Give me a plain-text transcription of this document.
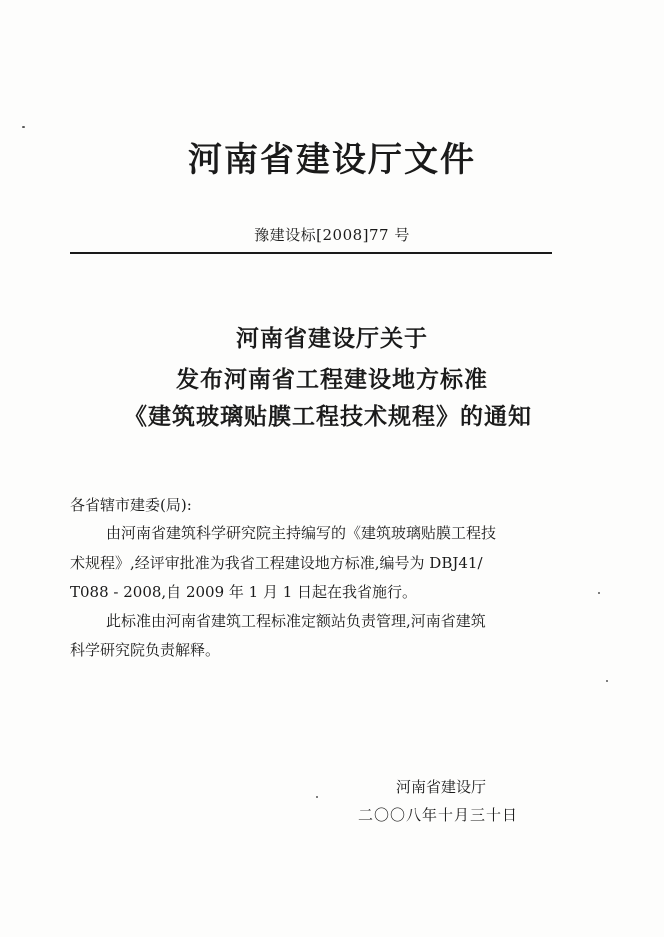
河南省建设厅文件
豫建设标[2008]77 号
河南省建设厅关于
发布河南省工程建设地方标准
《建筑玻璃贴膜工程技术规程》的通知
各省辖市建委(局):
由河南省建筑科学研究院主持编写的《建筑玻璃贴膜工程技
术规程》,经评审批准为我省工程建设地方标准,编号为 DBJ41/
T088 - 2008,自 2009 年 1 月 1 日起在我省施行。
此标准由河南省建筑工程标准定额站负责管理,河南省建筑
科学研究院负责解释。
河南省建设厅
二〇〇八年十月三十日
